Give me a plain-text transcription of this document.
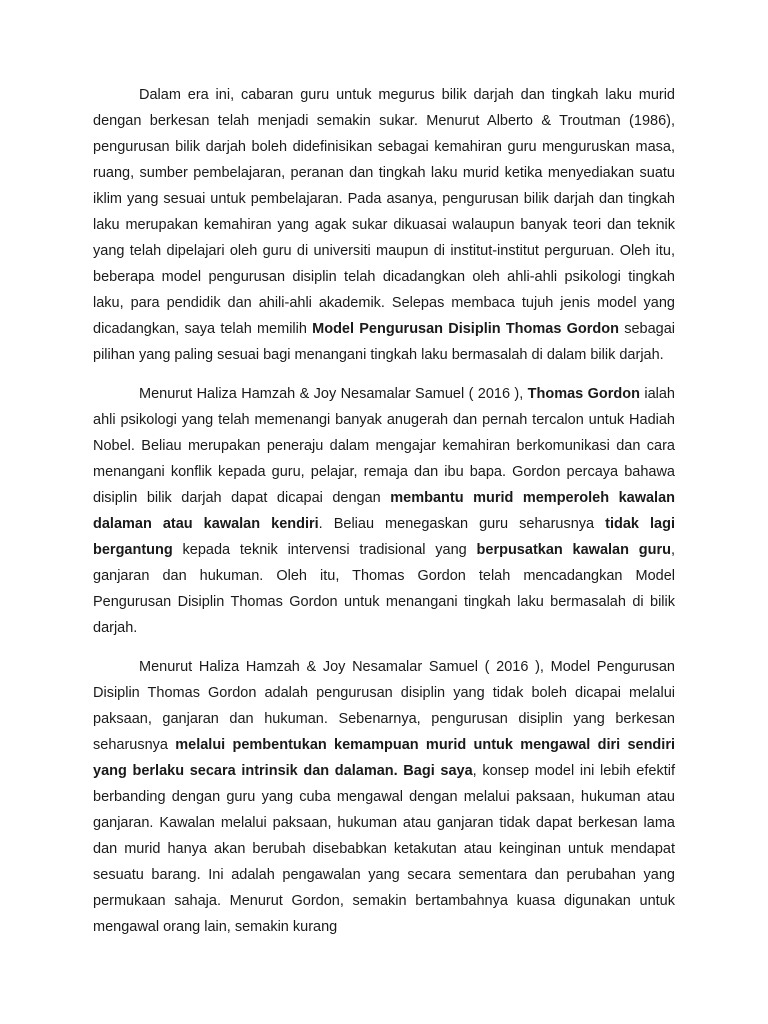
Dalam era ini, cabaran guru untuk megurus bilik darjah dan tingkah laku murid dengan berkesan telah menjadi semakin sukar. Menurut Alberto & Troutman (1986), pengurusan bilik darjah boleh didefinisikan sebagai kemahiran guru menguruskan masa, ruang, sumber pembelajaran, peranan dan tingkah laku murid ketika menyediakan suatu iklim yang sesuai untuk pembelajaran. Pada asanya, pengurusan bilik darjah dan tingkah laku merupakan kemahiran yang agak sukar dikuasai walaupun banyak teori dan teknik yang telah dipelajari oleh guru di universiti maupun di institut-institut perguruan. Oleh itu, beberapa model pengurusan disiplin telah dicadangkan oleh ahli-ahli psikologi tingkah laku, para pendidik dan ahili-ahli akademik. Selepas membaca tujuh jenis model yang dicadangkan, saya telah memilih Model Pengurusan Disiplin Thomas Gordon sebagai pilihan yang paling sesuai bagi menangani tingkah laku bermasalah di dalam bilik darjah.

Menurut Haliza Hamzah & Joy Nesamalar Samuel ( 2016 ), Thomas Gordon ialah ahli psikologi yang telah memenangi banyak anugerah dan pernah tercalon untuk Hadiah Nobel. Beliau merupakan peneraju dalam mengajar kemahiran berkomunikasi dan cara menangani konflik kepada guru, pelajar, remaja dan ibu bapa. Gordon percaya bahawa disiplin bilik darjah dapat dicapai dengan membantu murid memperoleh kawalan dalaman atau kawalan kendiri. Beliau menegaskan guru seharusnya tidak lagi bergantung kepada teknik intervensi tradisional yang berpusatkan kawalan guru, ganjaran dan hukuman. Oleh itu, Thomas Gordon telah mencadangkan Model Pengurusan Disiplin Thomas Gordon untuk menangani tingkah laku bermasalah di bilik darjah.

Menurut Haliza Hamzah & Joy Nesamalar Samuel ( 2016 ), Model Pengurusan Disiplin Thomas Gordon adalah pengurusan disiplin yang tidak boleh dicapai melalui paksaan, ganjaran dan hukuman. Sebenarnya, pengurusan disiplin yang berkesan seharusnya melalui pembentukan kemampuan murid untuk mengawal diri sendiri yang berlaku secara intrinsik dan dalaman. Bagi saya, konsep model ini lebih efektif berbanding dengan guru yang cuba mengawal dengan melalui paksaan, hukuman atau ganjaran. Kawalan melalui paksaan, hukuman atau ganjaran tidak dapat berkesan lama dan murid hanya akan berubah disebabkan ketakutan atau keinginan untuk mendapat sesuatu barang. Ini adalah pengawalan yang secara sementara dan perubahan yang permukaan sahaja. Menurut Gordon, semakin bertambahnya kuasa digunakan untuk mengawal orang lain, semakin kurang
